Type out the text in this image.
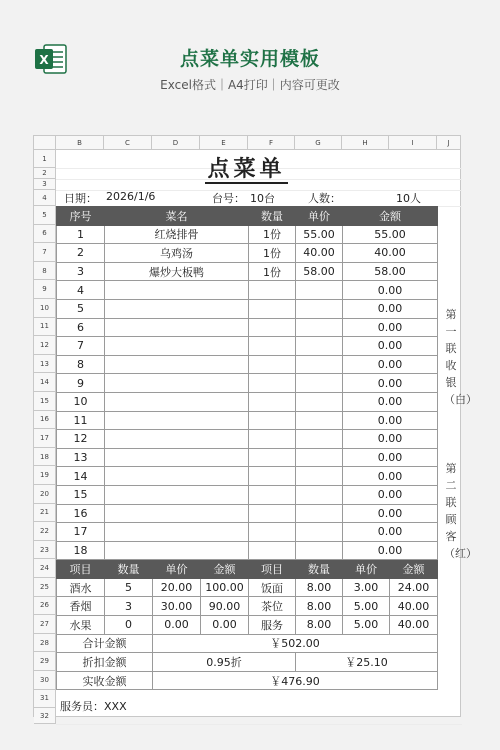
X	点菜单实用模板
Excel格式｜A4打印｜内容可更改
B	C	D	E	F	G	H	I	J
1
2
3
4
5
6
7
8
9
10
11
12
13
14
15
16
17
18
19
20
21
22
23
24
25
26
27
28
29
30
31
32
点菜单
日期： 2026/1/6	台号： 10台	人数：	10人
序号	菜名			数量	单价	金额	
1	红烧排骨			1份	55.00	55.00	
2	乌鸡汤			1份	40.00	40.00	
3	爆炒大板鸭			1份	58.00	58.00	
4						0.00	
5						0.00	
6						0.00	
7						0.00	
8						0.00	
9						0.00	
10						0.00	
11						0.00	
12						0.00	
13						0.00	
14						0.00	
15						0.00	
16						0.00	
17						0.00	
18						0.00	
项目	数量	单价	金额	项目	数量	单价	金额
酒水	5	20.00	100.00	饭面	8.00	3.00	24.00
香烟	3	30.00	90.00	茶位	8.00	5.00	40.00
水果	0	0.00	0.00	服务	8.00	5.00	40.00
合计金额		￥502.00					
折扣金额		0.95折			￥25.10		
实收金额		￥476.90					
服务员：XXX
第一联收银（白）
第二联顾客（红）
